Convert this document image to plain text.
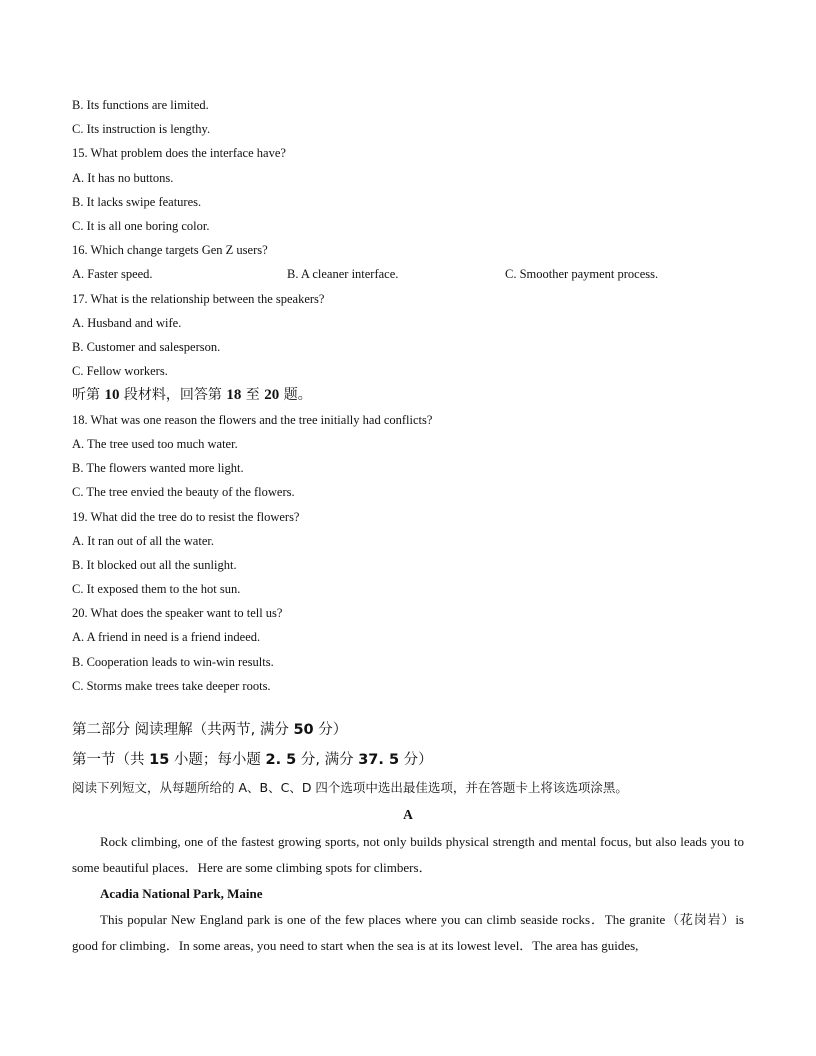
B. Its functions are limited.
C. Its instruction is lengthy.
15. What problem does the interface have?
A. It has no buttons.
B. It lacks swipe features.
C. It is all one boring color.
16. Which change targets Gen Z users?
A. Faster speed.	B. A cleaner interface.	C. Smoother payment process.
17. What is the relationship between the speakers?
A. Husband and wife.
B. Customer and salesperson.
C. Fellow workers.
听第 10 段材料，回答第 18 至 20 题。
18. What was one reason the flowers and the tree initially had conflicts?
A. The tree used too much water.
B. The flowers wanted more light.
C. The tree envied the beauty of the flowers.
19. What did the tree do to resist the flowers?
A. It ran out of all the water.
B. It blocked out all the sunlight.
C. It exposed them to the hot sun.
20. What does the speaker want to tell us?
A. A friend in need is a friend indeed.
B. Cooperation leads to win-win results.
C. Storms make trees take deeper roots.
第二部分 阅读理解（共两节, 满分 50 分）
第一节（共 15 小题；每小题 2. 5 分, 满分 37. 5 分）
阅读下列短文，从每题所给的 A、B、C、D 四个选项中选出最佳选项，并在答题卡上将该选项涂黑。
A

Rock climbing, one of the fastest growing sports, not only builds physical strength and mental focus, but also leads you to some beautiful places．Here are some climbing spots for climbers．

Acadia National Park, Maine

This popular New England park is one of the few places where you can climb seaside rocks．The granite（花岗岩）is good for climbing．In some areas, you need to start when the sea is at its lowest level．The area has guides,
